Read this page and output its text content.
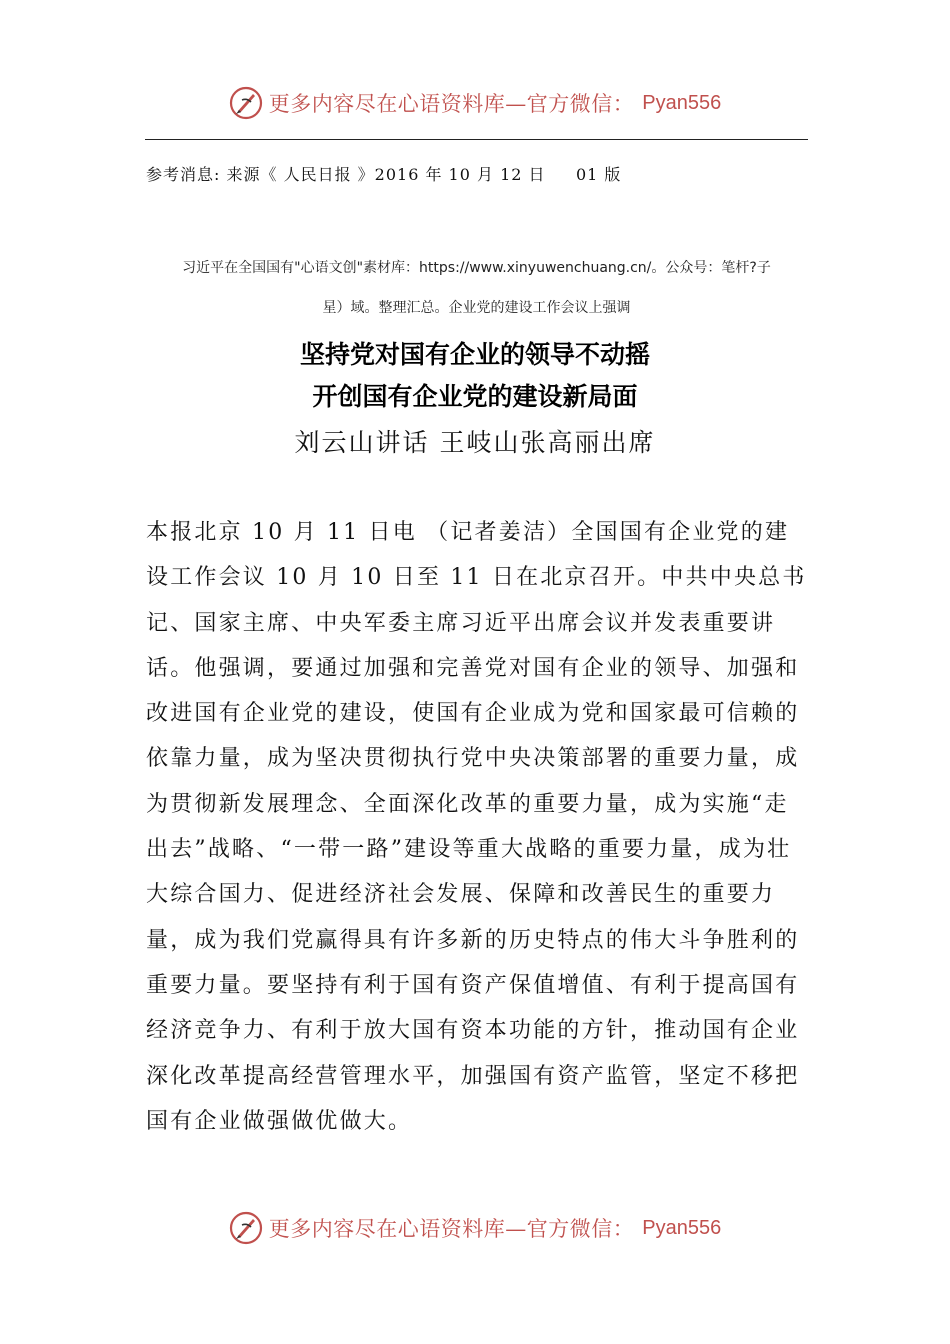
更多内容尽在心语资料库—官方微信： Pyan556
参考消息: 来源《 人民日报 》2016 年 10 月 12 日     01 版
习近平在全国国有"心语文创"素材库：https://www.xinyuwenchuang.cn/。公众号：笔杆?子
星）域。整理汇总。企业党的建设工作会议上强调
坚持党对国有企业的领导不动摇
开创国有企业党的建设新局面
刘云山讲话 王岐山张高丽出席

本报北京 10 月 11 日电 （记者姜洁）全国国有企业党的建设工作会议 10 月 10 日至 11 日在北京召开。中共中央总书记、国家主席、中央军委主席习近平出席会议并发表重要讲话。他强调，要通过加强和完善党对国有企业的领导、加强和改进国有企业党的建设，使国有企业成为党和国家最可信赖的依靠力量，成为坚决贯彻执行党中央决策部署的重要力量，成为贯彻新发展理念、全面深化改革的重要力量，成为实施“走出去”战略、“一带一路”建设等重大战略的重要力量，成为壮大综合国力、促进经济社会发展、保障和改善民生的重要力量，成为我们党赢得具有许多新的历史特点的伟大斗争胜利的重要力量。要坚持有利于国有资产保值增值、有利于提高国有经济竞争力、有利于放大国有资本功能的方针，推动国有企业深化改革提高经营管理水平，加强国有资产监管，坚定不移把国有企业做强做优做大。

更多内容尽在心语资料库—官方微信： Pyan556
